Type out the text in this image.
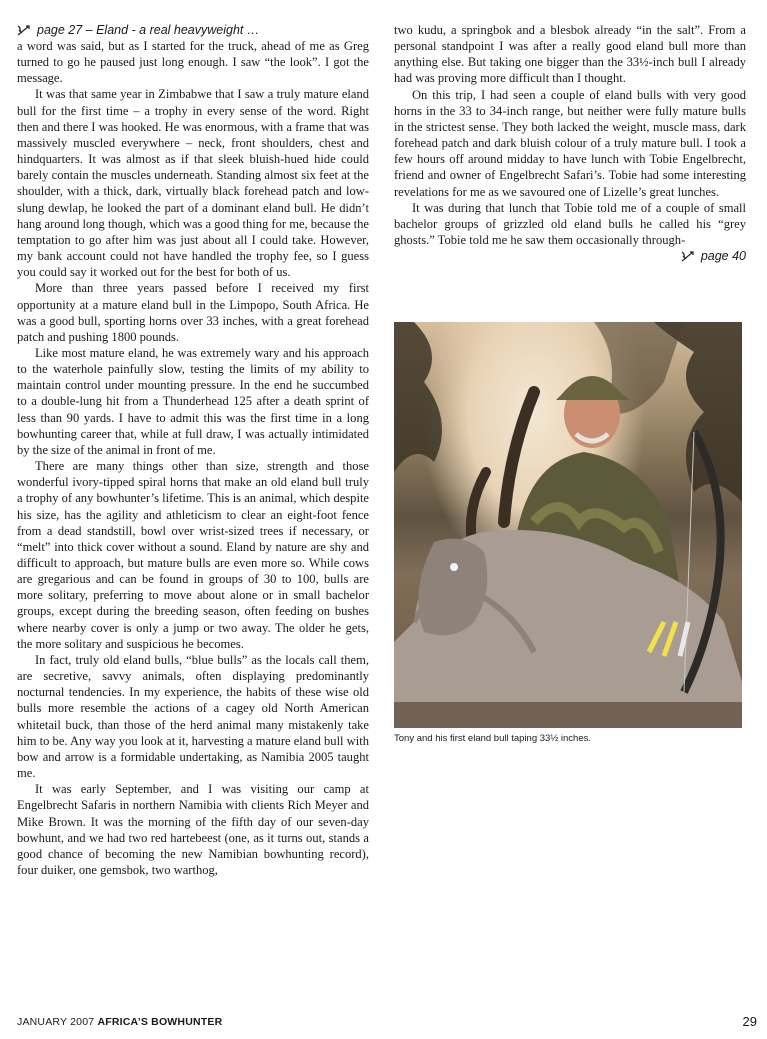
page 27 – Eland - a real heavyweight …

a word was said, but as I started for the truck, ahead of me as Greg turned to go he paused just long enough. I saw “the look”. I got the message.

It was that same year in Zimbabwe that I saw a truly mature eland bull for the first time – a trophy in every sense of the word. Right then and there I was hooked. He was enormous, with a frame that was massively muscled everywhere – neck, front shoulders, chest and hindquarters. It was almost as if that sleek bluish-hued hide could barely contain the muscles underneath. Standing almost six feet at the shoulder, with a thick, dark, virtually black forehead patch and low-slung dewlap, he looked the part of a dominant eland bull. He didn’t hang around long though, which was a good thing for me, because the temptation to go after him was just about all I could take. However, my bank account could not have handled the trophy fee, so I guess you could say it worked out for the best for both of us.

More than three years passed before I received my first opportunity at a mature eland bull in the Limpopo, South Africa. He was a good bull, sporting horns over 33 inches, with a great forehead patch and pushing 1800 pounds.

Like most mature eland, he was extremely wary and his approach to the waterhole painfully slow, testing the limits of my ability to maintain control under mounting pressure. In the end he succumbed to a double-lung hit from a Thunderhead 125 after a death sprint of less than 90 yards. I have to admit this was the first time in a long bowhunting career that, while at full draw, I was actually intimidated by the size of the animal in front of me.

There are many things other than size, strength and those wonderful ivory-tipped spiral horns that make an old eland bull truly a trophy of any bowhunter’s lifetime. This is an animal, which despite his size, has the agility and athleticism to clear an eight-foot fence from a dead standstill, bowl over wrist-sized trees if necessary, or “melt” into thick cover without a sound. Eland by nature are shy and difficult to approach, but mature bulls are even more so. While cows are gregarious and can be found in groups of 30 to 100, bulls are more solitary, preferring to move about alone or in small bachelor groups, except during the breeding season, often feeding on bushes where nearby cover is only a jump or two away. The older he gets, the more solitary and suspicious he becomes.

In fact, truly old eland bulls, “blue bulls” as the locals call them, are secretive, savvy animals, often displaying predominantly nocturnal tendencies. In my experience, the habits of these wise old bulls more resemble the actions of a cagey old North American whitetail buck, than those of the herd animal many mistakenly take him to be. Any way you look at it, harvesting a mature eland bull with bow and arrow is a formidable undertaking, as Namibia 2005 taught me.

It was early September, and I was visiting our camp at Engelbrecht Safaris in northern Namibia with clients Rich Meyer and Mike Brown. It was the morning of the fifth day of our seven-day bowhunt, and we had two red hartebeest (one, as it turns out, stands a good chance of becoming the new Namibian bowhunting record), four duiker, one gemsbok, two warthog,

two kudu, a springbok and a blesbok already “in the salt”. From a personal standpoint I was after a really good eland bull more than anything else. But taking one bigger than the 33½-inch bull I already had was proving more difficult than I thought.

On this trip, I had seen a couple of eland bulls with very good horns in the 33 to 34-inch range, but neither were fully mature bulls in the strictest sense. They both lacked the weight, muscle mass, dark forehead patch and dark bluish colour of a truly mature bull. I took a few hours off around midday to have lunch with Tobie Engelbrecht, friend and owner of Engelbrecht Safari’s. Tobie had some interesting revelations for me as we savoured one of Lizelle’s great lunches.

It was during that lunch that Tobie told me of a couple of small bachelor groups of grizzled old eland bulls he called his “grey ghosts.” Tobie told me he saw them occasionally through-

page 40
Tony and his first eland bull taping 33½ inches.
JANUARY 2007 AFRICA’S BOWHUNTER	29
